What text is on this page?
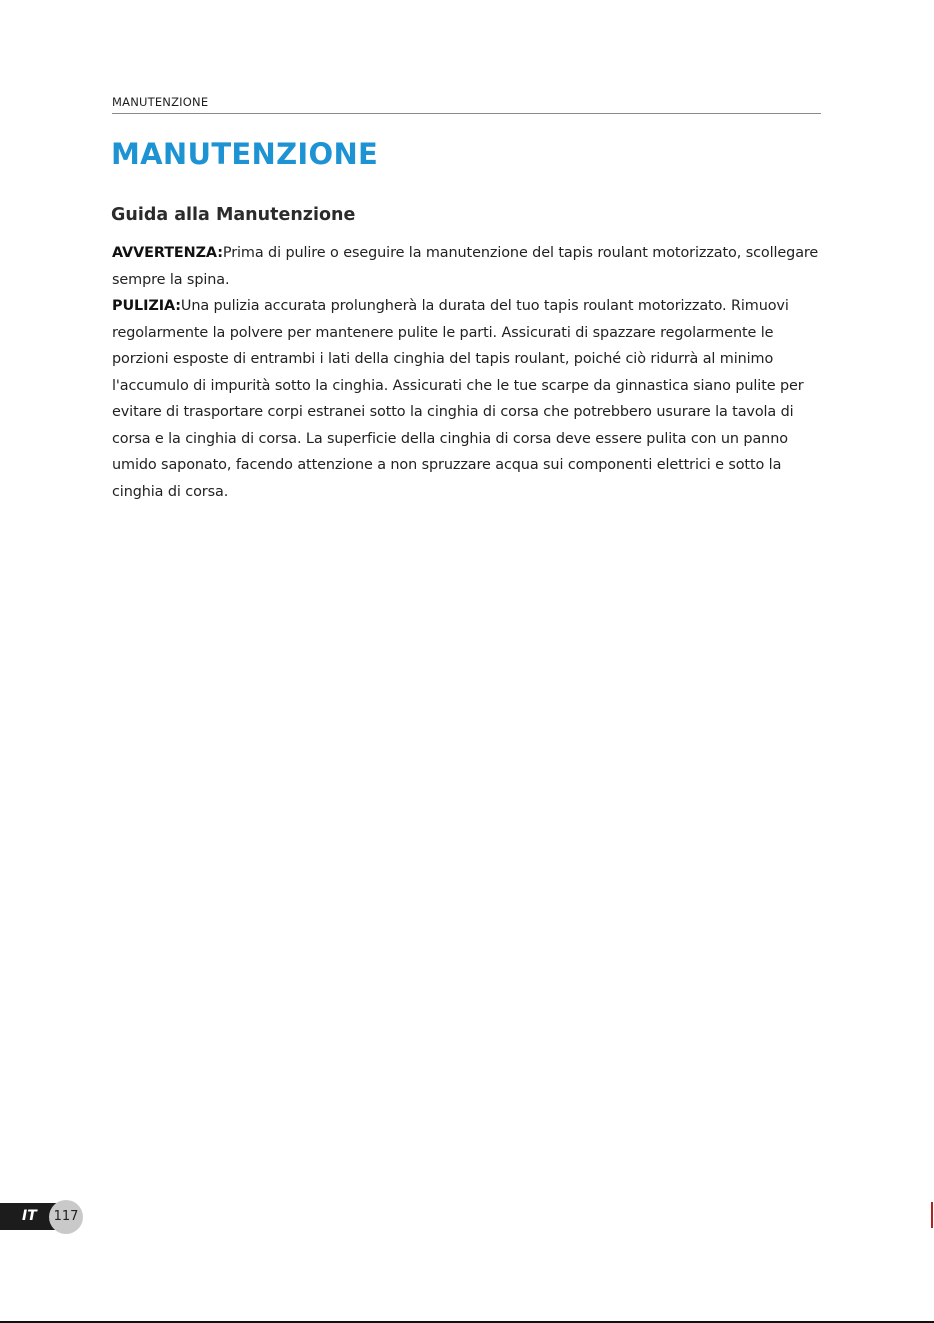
MANUTENZIONE
MANUTENZIONE
Guida alla Manutenzione

AVVERTENZA:Prima di pulire o eseguire la manutenzione del tapis roulant motorizzato, scollegare sempre la spina.

PULIZIA:Una pulizia accurata prolungherà la durata del tuo tapis roulant motorizzato. Rimuovi regolarmente la polvere per mantenere pulite le parti. Assicurati di spazzare regolarmente le porzioni esposte di entrambi i lati della cinghia del tapis roulant, poiché ciò ridurrà al minimo l'accumulo di impurità sotto la cinghia. Assicurati che le tue scarpe da ginnastica siano pulite per evitare di trasportare corpi estranei sotto la cinghia di corsa che potrebbero usurare la tavola di corsa e la cinghia di corsa. La superficie della cinghia di corsa deve essere pulita con un panno umido saponato, facendo attenzione a non spruzzare acqua sui componenti elettrici e sotto la cinghia di corsa.

IT	117
